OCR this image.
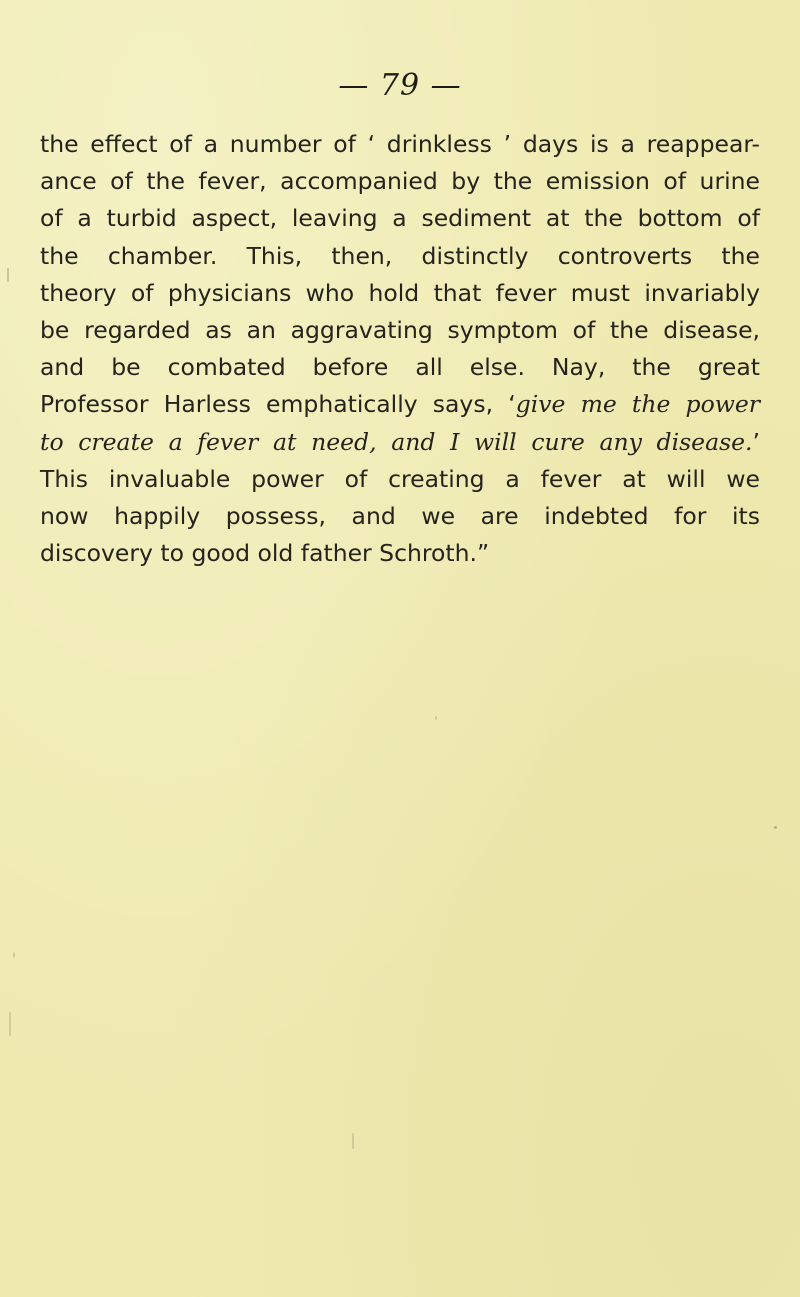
— 79 —
the effect of a number of ‘ drinkless ’ days is a reappear-
ance of the fever, accompanied by the emission of urine
of a turbid aspect, leaving a sediment at the bottom of
the chamber. This, then, distinctly controverts the
theory of physicians who hold that fever must invariably
be regarded as an aggravating symptom of the disease,
and be combated before all else. Nay, the great
Professor Harless emphatically says, ‘give me the power
to create a fever at need, and I will cure any disease.’
This invaluable power of creating a fever at will we
now happily possess, and we are indebted for its
discovery to good old father Schroth.”
